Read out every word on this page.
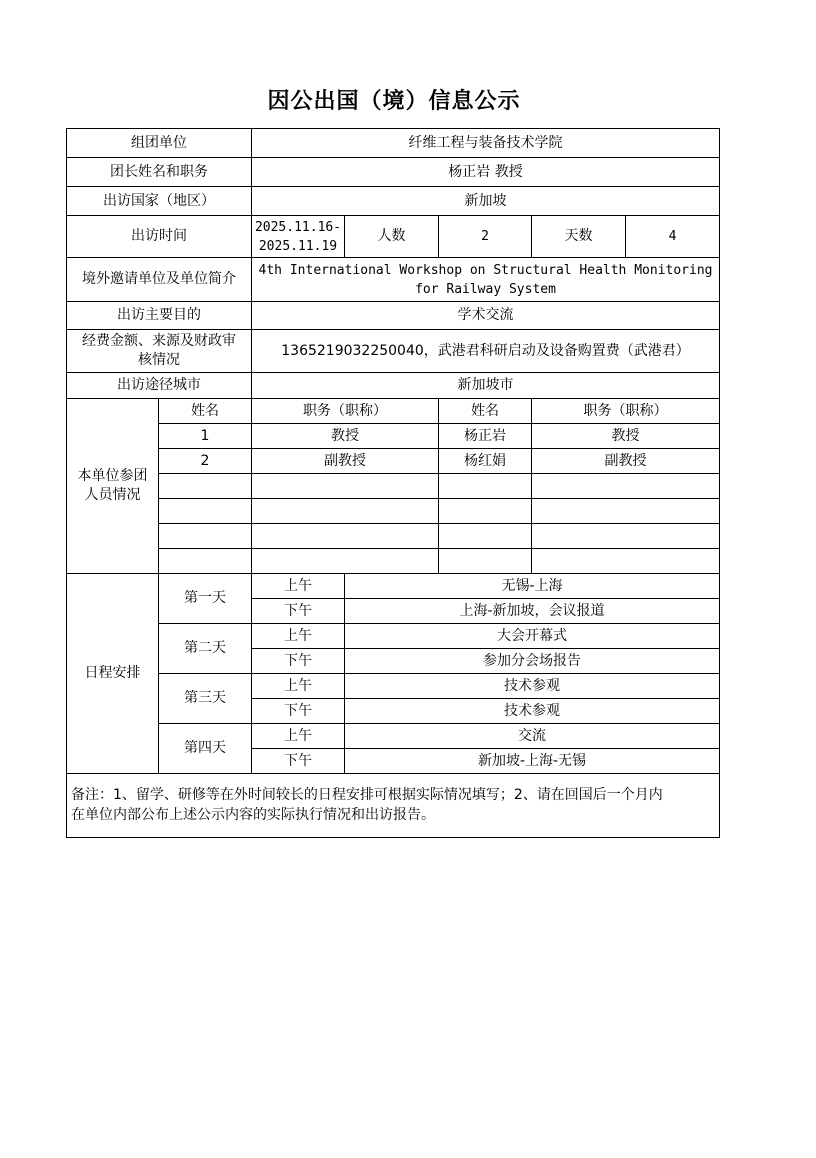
因公出国（境）信息公示
组团单位		纤维工程与装备技术学院				
团长姓名和职务		杨正岩 教授				
出访国家（地区）		新加坡				
出访时间		2025.11.16-
2025.11.19	人数	2	天数	4
境外邀请单位及单位简介		4th International Workshop on Structural Health Monitoring
for Railway System				

出访主要目的		学术交流				

经费金额、来源及财政审
核情况		1365219032250040，武港君科研启动及设备购置费（武港君）				
出访途径城市		新加坡市				

本单位参团
人员情况	姓名	职务（职称）		姓名	职务（职称）	
	1	教授		杨正岩	教授	
	2	副教授		杨红娟	副教授	

日程安排	第一天	上午	无锡-上海			
		下午	上海-新加坡，会议报道			
	第二天	上午	大会开幕式			
		下午	参加分会场报告			
	第三天	上午	技术参观			
		下午	技术参观			
	第四天	上午	交流			
		下午	新加坡-上海-无锡			

备注：1、留学、研修等在外时间较长的日程安排可根据实际情况填写；2、请在回国后一个月内
在单位内部公布上述公示内容的实际执行情况和出访报告。						
